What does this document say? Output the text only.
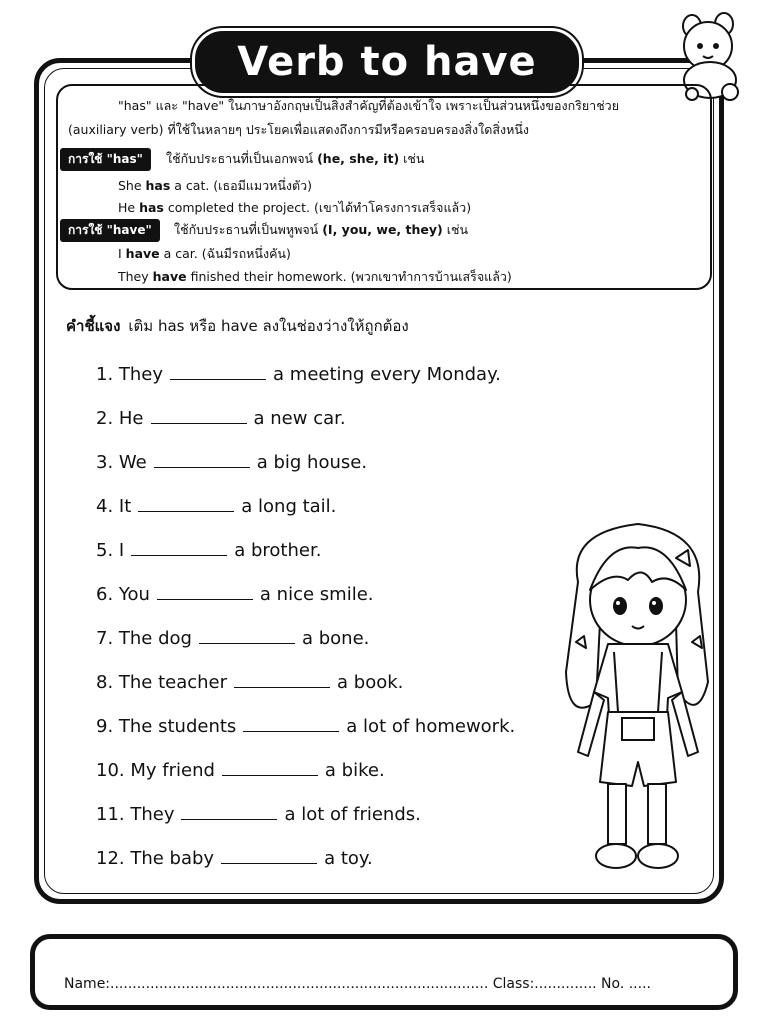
Verb to have
"has" และ "have" ในภาษาอังกฤษเป็นสิ่งสำคัญที่ต้องเข้าใจ เพราะเป็นส่วนหนึ่งของกริยาช่วย
(auxiliary verb) ที่ใช้ในหลายๆ ประโยคเพื่อแสดงถึงการมีหรือครอบครองสิ่งใดสิ่งหนึ่ง
การใช้ "has"	ใช้กับประธานที่เป็นเอกพจน์ (he, she, it) เช่น
She has a cat. (เธอมีแมวหนึ่งตัว)
He has completed the project. (เขาได้ทำโครงการเสร็จแล้ว)
การใช้ "have"	ใช้กับประธานที่เป็นพหูพจน์ (I, you, we, they) เช่น
I have a car. (ฉันมีรถหนึ่งคัน)
They have finished their homework. (พวกเขาทำการบ้านเสร็จแล้ว)
คำชี้แจง เติม has หรือ have ลงในช่องว่างให้ถูกต้อง
1. They	a meeting every Monday.
2. He	a new car.
3. We	a big house.
4. It	a long tail.
5. I	a brother.
6. You	a nice smile.
7. The dog	a bone.
8. The teacher	a book.
9. The students	a lot of homework.
10. My friend	a bike.
11. They	a lot of friends.
12. The baby	a toy.
Name:..................................................................................... Class:.............. No. .....
